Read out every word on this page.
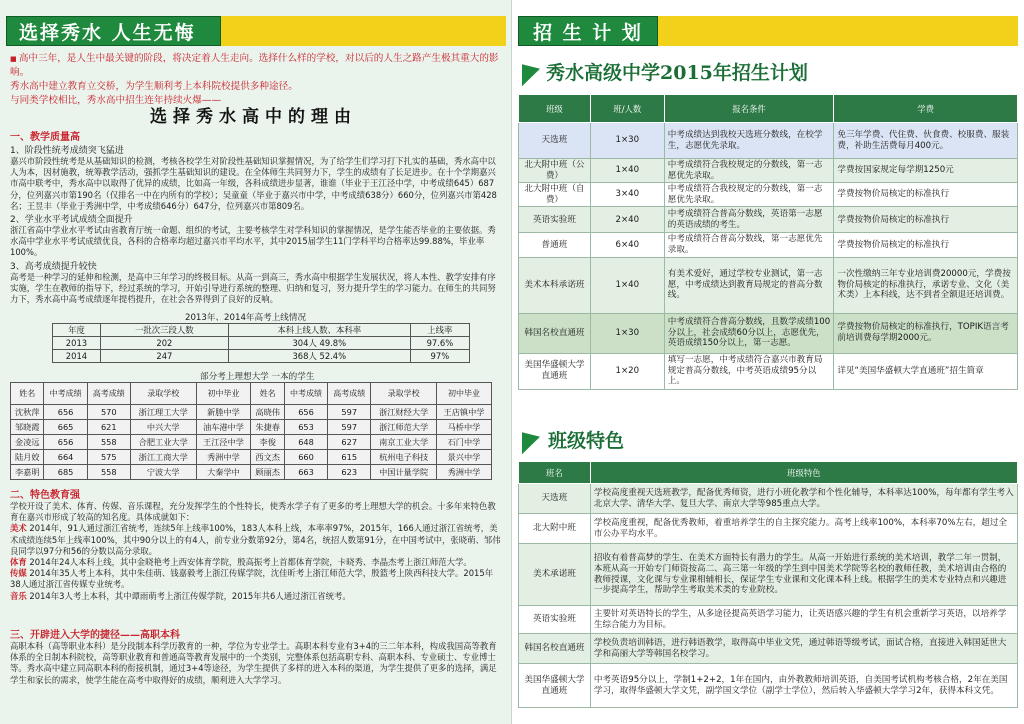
选择秀水 人生无悔

■ 高中三年，是人生中最关键的阶段，将决定着人生走向。选择什么样的学校，对以后的人生之路产生极其重大的影响。

秀水高中建立教育立交桥，为学生顺利考上本科院校提供多种途径。

与同类学校相比，秀水高中招生连年持续火爆——

选择秀水高中的理由
一、教学质量高
1、阶段性统考成绩突飞猛进
嘉兴市阶段性统考是从基础知识的检测，考核各校学生对阶段性基础知识掌握情况，为了给学生们学习打下扎实的基础，秀水高中以人为本，因材施教，统筹教学活动，强抓学生基础知识的建设。在全体师生共同努力下，学生的成绩有了长足进步。在十个学期嘉兴市高中联考中，秀水高中以取得了优异的成绩，比如高一年级，各科成绩进步显著，谁谁（毕业于王江泾中学，中考成绩645）687分，位列嘉兴市第190名（仅排名一中在内所有的学校）；吴童童（毕业于嘉兴市中学，中考成绩638分）660分，位列嘉兴市第428名；王昱丰（毕业于秀洲中学，中考成绩646分）647分，位列嘉兴市第809名。
2、学业水平考试成绩全面提升
浙江省高中学业水平考试由省教育厅统一命题、组织的考试，主要考核学生对学科知识的掌握情况，是学生能否毕业的主要依据。秀水高中学业水平考试成绩优良，各科的合格率均超过嘉兴市平均水平，其中2015届学生11门学科平均合格率达99.88%，毕业率100%。
3、高考成绩提升较快
高考是一种学习的延伸和检测，是高中三年学习的终极目标。从高一到高三，秀水高中根据学生发展状况，将人本性、教学安排有序实施，学生在教师的指导下，经过系统的学习，开始引导进行系统的整理、归纳和复习，努力提升学生的学习能力。在师生的共同努力下，秀水高中高考成绩逐年提档提升，在社会各界得到了良好的反响。
2013年、2014年高考上线情况
年度	一批次三段人数	本科上线人数、本科率	上线率
2013	202	304人 49.8%	97.6%
2014	247	368人 52.4%	97%
部分考上理想大学 一本的学生
姓名	中考成绩	高考成绩	录取学校	初中毕业	姓名	中考成绩	高考成绩	录取学校	初中毕业
沈秋萍	656	570	浙江理工大学	新塍中学	高晓伟	656	597	浙江财经大学	王店镇中学
邹晓霞	665	621	中兴大学	油车港中学	朱捷春	653	597	浙江师范大学	马桥中学
金凌远	656	558	合肥工业大学	王江泾中学	李俊	648	627	南京工业大学	石门中学
陆月姣	664	575	浙江工商大学	秀洲中学	西文杰	660	615	杭州电子科技	景兴中学
李嘉明	685	558	宁波大学	大秦学中	顾丽杰	663	623	中国计量学院	秀洲中学
二、特色教育强
学校开设了美术、体育、传媒、音乐课程，充分发挥学生的个性特长，使秀水学子有了更多的考上理想大学的机会。十多年来特色教育在嘉兴市形成了较高的知名度。具体成就如下：
美术 2014年，91人通过浙江省统考，连续5年上线率100%，183人本科上线，本率率97%，2015年，166人通过浙江省统考，美术成绩连续5年上线率100%，其中90分以上的有4人，前专业分数第92分，第4名，统招人数第91分，在中国考试中，张晓萌、邹伟良同学以97分和56的分数以高分录取。
体育 2014年24人本科上线，其中金晓艳考上西安体育学院，殷高振考上首都体育学院，卡晓秀、李晶杰考上浙江师范大学。
传媒 2014年35人考上本科，其中朱佳萌、钱嘉毅考上浙江传媒学院，沈佳昕考上浙江师范大学，殷篮考上陕西科技大学。2015年38人通过浙江省传媒专业统考。
音乐 2014年3人考上本科，其中谭雨萌考上浙江传媒学院，2015年共6人通过浙江省统考。
三、开辟进入大学的捷径——高职本科
高职本科（高等职业本科）是分段制本科学历教育的一种，学位为专业学士。高职本科专业有3+4的三二年本科，构成我国高等教育体系的全日制本科院校，高等职业教育和普通高等教育发展中的一个类别，完整体系包括高职专科、高职本科、专业硕士、专业博士等。秀水高中建立同高职本科的衔接机制，通过3+4等途径，为学生提供了多样的进入本科的渠道，为学生提供了更多的选择，满足学生和家长的需求，使学生能在高考中取得好的成绩，顺利进入大学学习。
招 生 计 划
秀水高级中学2015年招生计划
班级	班/人数	报名条件	学费
天选班	1×30	中考成绩达到我校天选班分数线，在校学生，志愿优先录取。	免三年学费、代住费、伙食费、校服费、服装费，补助生活费每月400元。
北大附中班（公费）	1×40	中考成绩符合我校规定的分数线，第一志愿优先录取。	学费按国家规定每学期1250元
北大附中班（自费）	3×40	中考成绩符合我校规定的分数线，第一志愿优先录取。	学费按物价局核定的标准执行
英语实验班	2×40	中考成绩符合普高分数线，英语第一志愿的英语成绩的考生。	学费按物价局核定的标准执行
普通班	6×40	中考成绩符合普高分数线，第一志愿优先录取。	学费按物价局核定的标准执行
美术本科承诺班	1×40	有美术爱好，通过学校专业测试，第一志愿，中考成绩达到教育局规定的普高分数线。	一次性缴纳三年专业培训费20000元，学费按物价局核定的标准执行，承诺专业、文化（美术类）上本科线，达不到者全额退还培训费。
韩国名校直通班	1×30	中考成绩符合普高分数线，且数学成绩100分以上，社会成绩60分以上，志愿优先，英语成绩150分以上，第一志愿。	学费按物价局核定的标准执行，TOPIK语言考前培训费每学期2000元。
美国华盛顿大学直通班	1×20	填写一志愿，中考成绩符合嘉兴市教育局规定普高分数线，中考英语成绩95分以上。	详见“美国华盛顿大学直通班”招生简章
班级特色
班名	班级特色
天选班	学校高度重视天选班教学，配备优秀师资，进行小班化教学和个性化辅导，本科率达100%，每年都有学生考入北京大学、清华大学、复旦大学、南京大学等985重点大学。
北大附中班	学校高度重视，配备优秀教师，着重培养学生的自主探究能力。高考上线率100%，本科率70%左右，超过全市公办平均水平。
美术承诺班	招收有着普高梦的学生、在美术方面特长有潜力的学生。从高一开始进行系统的美术培训，教学二年一贯制，本班从高一开始专门师资按高二、高三第一年级的学生到中国美术学院等名校的教师任教，美术培训由合格的教师授课，文化课与专业课相辅相长，保证学生专业课和文化课本科上线。根据学生的美术专业特点和兴趣进一步提高学生，帮助学生考取美术类的专业院校。
英语实验班	主要针对英语特长的学生，从多途径提高英语学习能力，让英语感兴趣的学生有机会重新学习英语，以培养学生综合能力为目标。
韩国名校直通班	学校负责培训韩语，进行韩语教学，取得高中毕业文凭，通过韩语等级考试，面试合格，直接进入韩国延世大学和高丽大学等韩国名校学习。
美国华盛顿大学直通班	中考英语95分以上，学制1+2+2，1年在国内，由外教教师培训英语，自美国考试机构考核合格，2年在美国学习，取得华盛顿大学文凭，副学国文学位（副学士学位），然后转入华盛顿大学学习2年，获得本科文凭。
